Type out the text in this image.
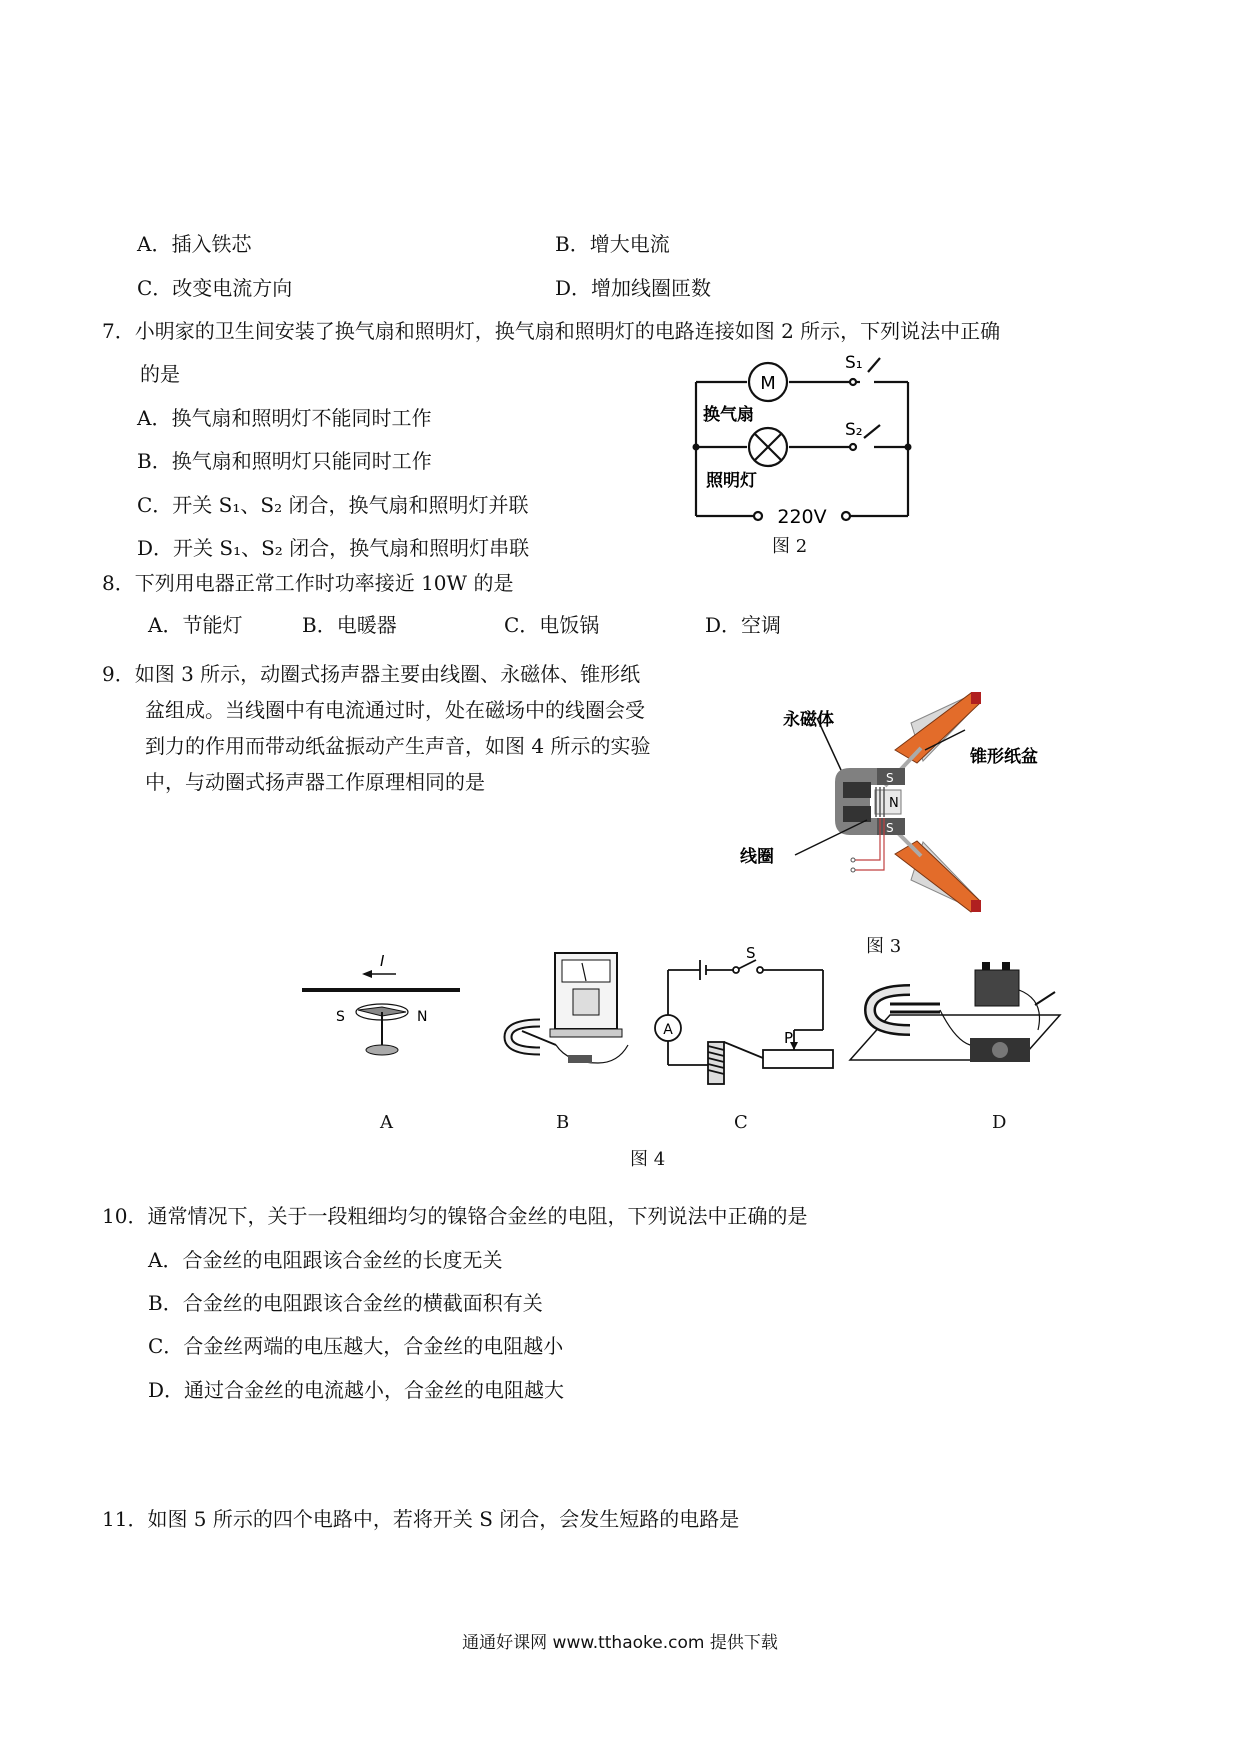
A．插入铁芯	B．增大电流
C．改变电流方向	D．增加线圈匝数
7．小明家的卫生间安装了换气扇和照明灯，换气扇和照明灯的电路连接如图 2 所示，下列说法中正确
的是
A．换气扇和照明灯不能同时工作
B．换气扇和照明灯只能同时工作
C．开关 S₁、S₂ 闭合，换气扇和照明灯并联
D．开关 S₁、S₂ 闭合，换气扇和照明灯串联
M
S₁
S₂
换气扇
照明灯
220V
图 2
8．下列用电器正常工作时功率接近 10W 的是
A．节能灯	B．电暖器	C．电饭锅	D．空调
9．如图 3 所示，动圈式扬声器主要由线圈、永磁体、锥形纸
盆组成。当线圈中有电流通过时，处在磁场中的线圈会受
到力的作用而带动纸盆振动产生声音，如图 4 所示的实验
中，与动圈式扬声器工作原理相同的是	S
S
N
永磁体
锥形纸盆
线圈
图 3
I
S	N
A
S
P
A	B	C	D
图 4
10．通常情况下，关于一段粗细均匀的镍铬合金丝的电阻，下列说法中正确的是
A．合金丝的电阻跟该合金丝的长度无关
B．合金丝的电阻跟该合金丝的横截面积有关
C．合金丝两端的电压越大，合金丝的电阻越小
D．通过合金丝的电流越小，合金丝的电阻越大
11．如图 5 所示的四个电路中，若将开关 S 闭合，会发生短路的电路是
通通好课网 www.tthaoke.com 提供下载
